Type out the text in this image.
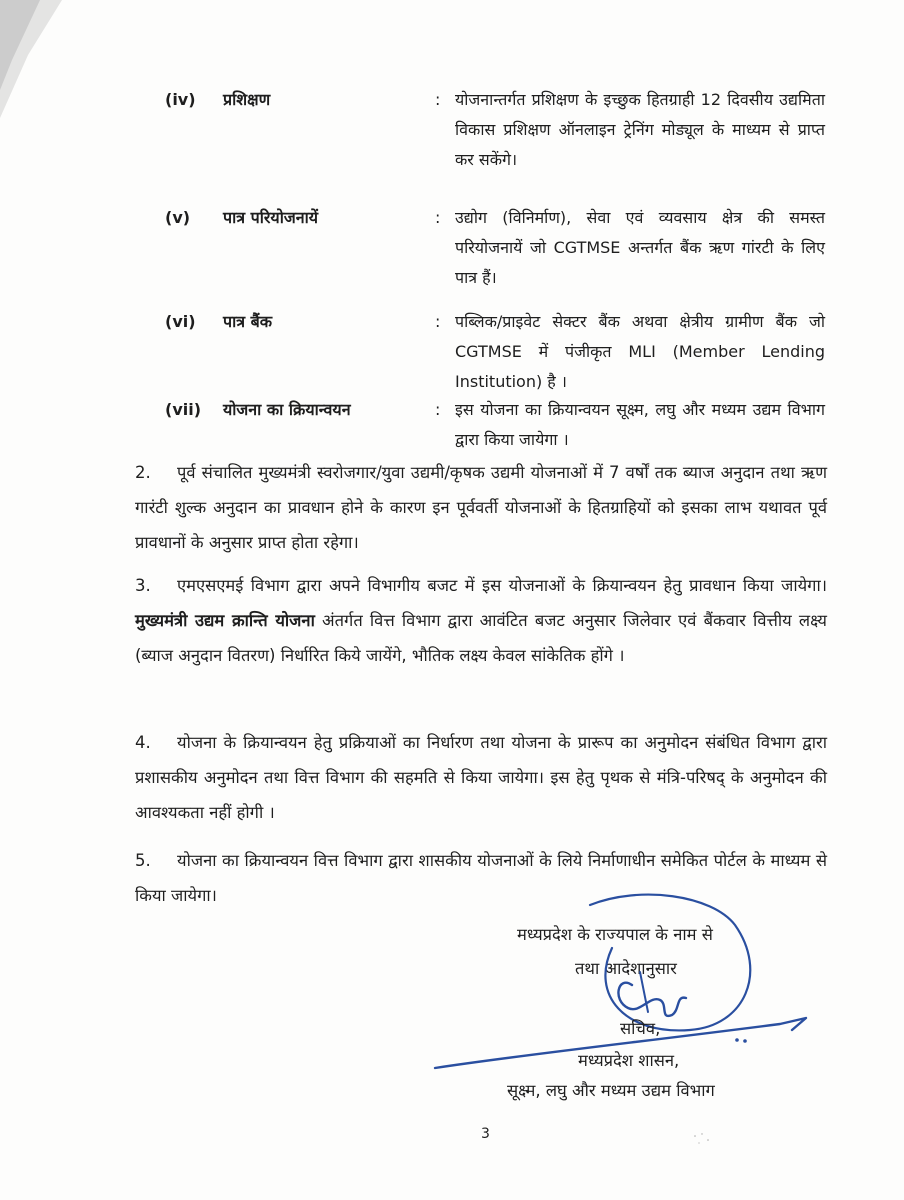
(iv) प्रशिक्षण	: योजनान्तर्गत प्रशिक्षण के इच्छुक हितग्राही 12 दिवसीय उद्यमिता विकास प्रशिक्षण ऑनलाइन ट्रेनिंग मोड्यूल के माध्यम से प्राप्त कर सकेंगे।
(v) पात्र परियोजनायें	: उद्योग (विनिर्माण), सेवा एवं व्यवसाय क्षेत्र की समस्त परियोजनायें जो CGTMSE अन्तर्गत बैंक ऋण गांरटी के लिए पात्र हैं।
(vi) पात्र बैंक	: पब्लिक/प्राइवेट सेक्टर बैंक अथवा क्षेत्रीय ग्रामीण बैंक जो CGTMSE में पंजीकृत MLI (Member Lending Institution) है ।
(vii) योजना का क्रियान्वयन	: इस योजना का क्रियान्वयन सूक्ष्म, लघु और मध्यम उद्यम विभाग द्वारा किया जायेगा ।
2. पूर्व संचालित मुख्यमंत्री स्वरोजगार/युवा उद्यमी/कृषक उद्यमी योजनाओं में 7 वर्षों तक ब्याज अनुदान तथा ऋण गारंटी शुल्क अनुदान का प्रावधान होने के कारण इन पूर्ववर्ती योजनाओं के हितग्राहियों को इसका लाभ यथावत पूर्व प्रावधानों के अनुसार प्राप्त होता रहेगा।
3. एमएसएमई विभाग द्वारा अपने विभागीय बजट में इस योजनाओं के क्रियान्वयन हेतु प्रावधान किया जायेगा। मुख्यमंत्री उद्यम क्रान्ति योजना अंतर्गत वित्त विभाग द्वारा आवंटित बजट अनुसार जिलेवार एवं बैंकवार वित्तीय लक्ष्य (ब्याज अनुदान वितरण) निर्धारित किये जायेंगे, भौतिक लक्ष्य केवल सांकेतिक होंगे ।
4. योजना के क्रियान्वयन हेतु प्रक्रियाओं का निर्धारण तथा योजना के प्रारूप का अनुमोदन संबंधित विभाग द्वारा प्रशासकीय अनुमोदन तथा वित्त विभाग की सहमति से किया जायेगा। इस हेतु पृथक से मंत्रि-परिषद् के अनुमोदन की आवश्यकता नहीं होगी ।
5. योजना का क्रियान्वयन वित्त विभाग द्वारा शासकीय योजनाओं के लिये निर्माणाधीन समेकित पोर्टल के माध्यम से किया जायेगा।
मध्यप्रदेश के राज्यपाल के नाम से
तथा आदेशानुसार
सचिव,
मध्यप्रदेश शासन,
सूक्ष्म, लघु और मध्यम उद्यम विभाग
3
